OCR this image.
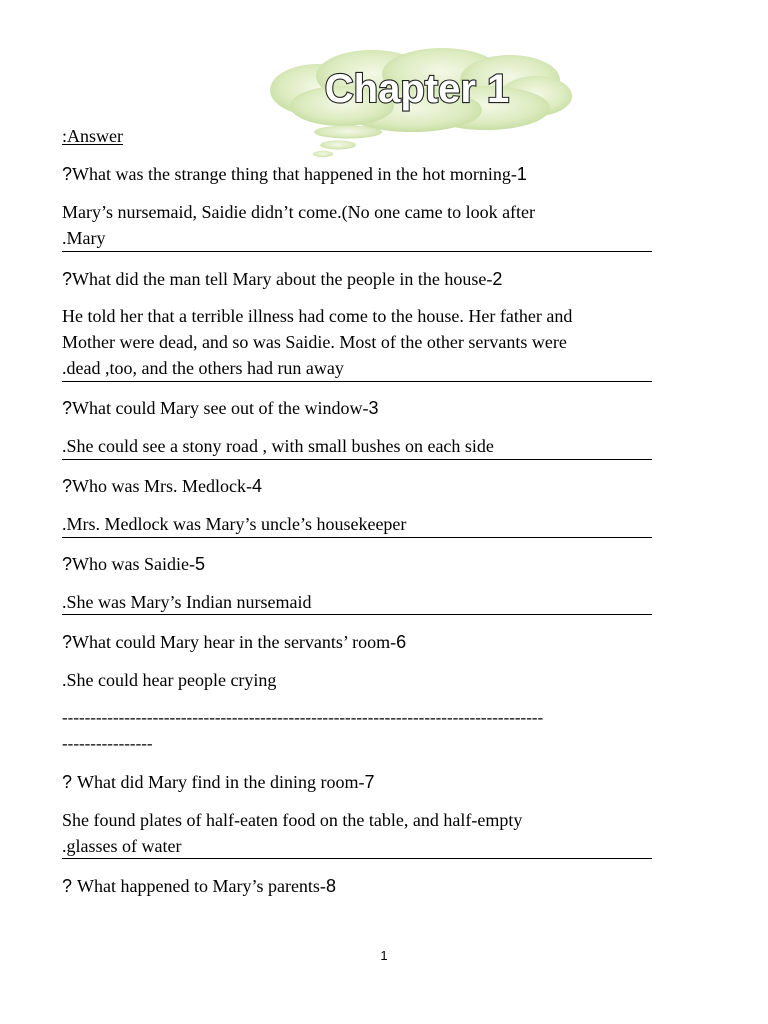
Chapter 1
:Answer
?What was the strange thing that happened in the hot morning-1
Mary’s nursemaid, Saidie didn’t come.(No one came to look after
.Mary
?What did the man tell Mary about the people in the house-2
He told her that a terrible illness had come to the house. Her father and
Mother were dead, and so was Saidie. Most of the other servants were
.dead ,too, and the others had run away
?What could Mary see out of the window-3
.She could see a stony road , with small bushes on each side
?Who was Mrs. Medlock-4
.Mrs. Medlock was Mary’s uncle’s housekeeper
?Who was Saidie-5
.She was Mary’s Indian nursemaid
?What could Mary hear in the servants’ room-6
.She could hear people crying
-------------------------------------------------------------------------------------
----------------
? What did Mary find in the dining room-7
She found plates of half-eaten food on the table, and half-empty
.glasses of water
? What happened to Mary’s parents-8
1
